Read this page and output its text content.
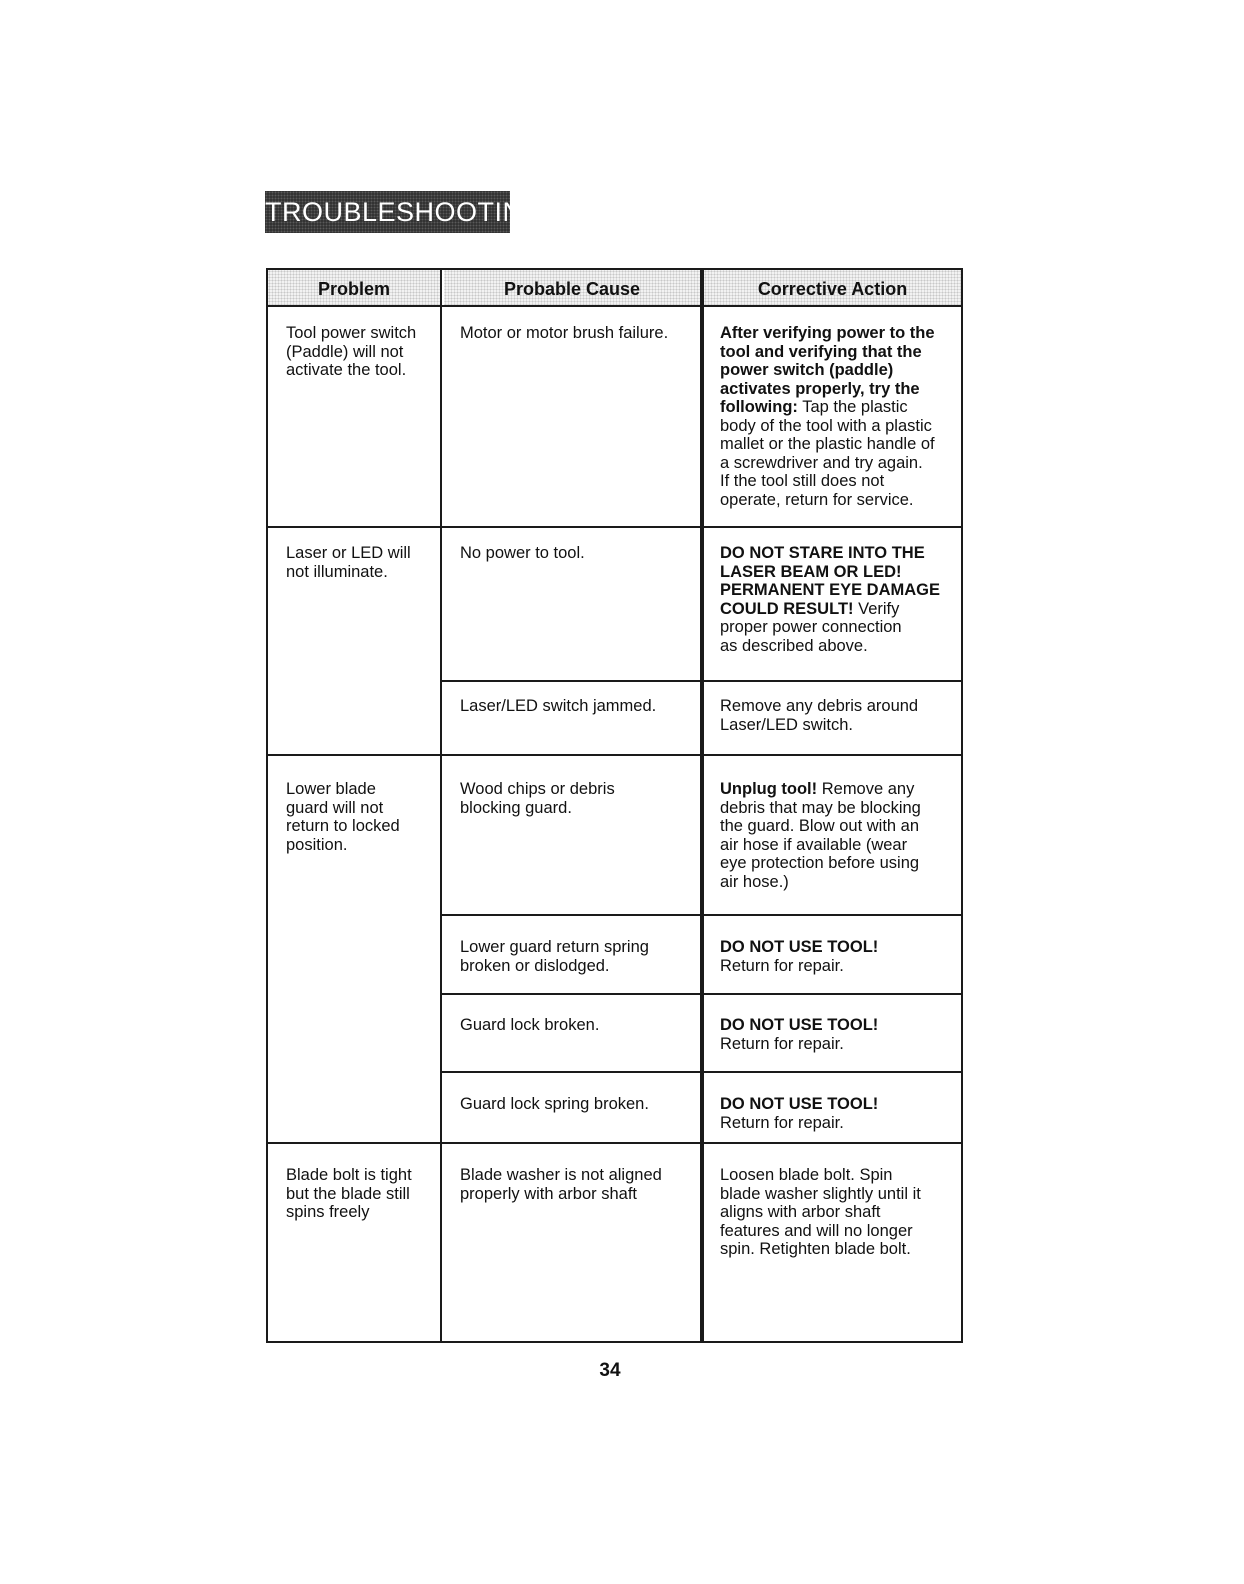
TROUBLESHOOTING
Problem	Probable Cause	Corrective Action
Tool power switch
(Paddle) will not
activate the tool.
Laser or LED will
not illuminate.
Lower blade
guard will not
return to locked
position.
Blade bolt is tight
but the blade still
spins freely
Motor or motor brush failure.
No power to tool.
Laser/LED switch jammed.
Wood chips or debris
blocking guard.
Lower guard return spring
broken or dislodged.
Guard lock broken.
Guard lock spring broken.
Blade washer is not aligned
properly with arbor shaft
After verifying power to the
tool and verifying that the
power switch (paddle)
activates properly, try the
following: Tap the plastic
body of the tool with a plastic
mallet or the plastic handle of
a screwdriver and try again.
If the tool still does not
operate, return for service.
DO NOT STARE INTO THE
LASER BEAM OR LED!
PERMANENT EYE DAMAGE
COULD RESULT! Verify
proper power connection
as described above.
Remove any debris around
Laser/LED switch.
Unplug tool! Remove any
debris that may be blocking
the guard. Blow out with an
air hose if available (wear
eye protection before using
air hose.)
DO NOT USE TOOL!
Return for repair.
DO NOT USE TOOL!
Return for repair.
DO NOT USE TOOL!
Return for repair.
Loosen blade bolt. Spin
blade washer slightly until it
aligns with arbor shaft
features and will no longer
spin. Retighten blade bolt.
34
